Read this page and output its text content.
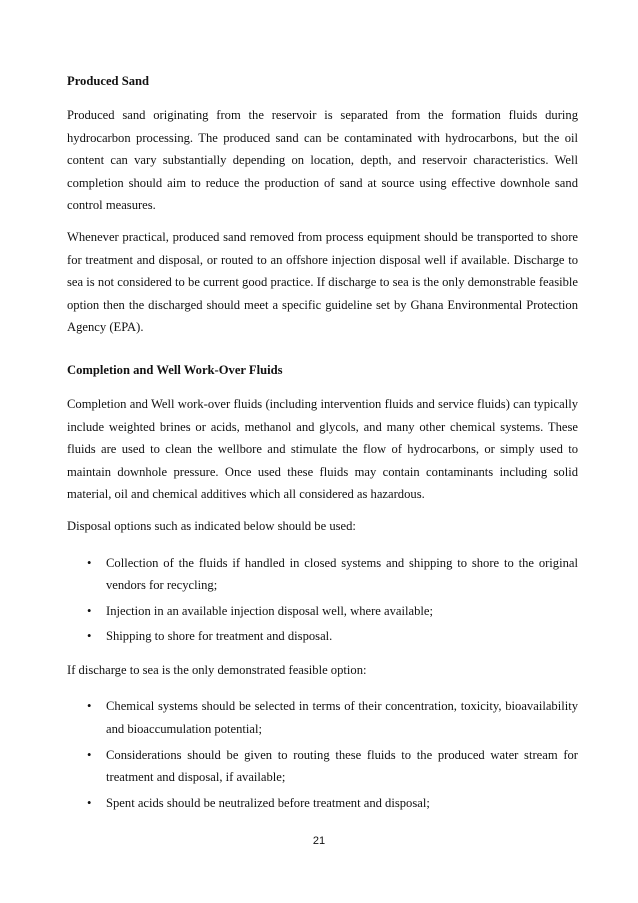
Produced Sand

Produced sand originating from the reservoir is separated from the formation fluids during hydrocarbon processing. The produced sand can be contaminated with hydrocarbons, but the oil content can vary substantially depending on location, depth, and reservoir characteristics. Well completion should aim to reduce the production of sand at source using effective downhole sand control measures.

Whenever practical, produced sand removed from process equipment should be transported to shore for treatment and disposal, or routed to an offshore injection disposal well if available. Discharge to sea is not considered to be current good practice. If discharge to sea is the only demonstrable feasible option then the discharged should meet a specific guideline set by Ghana Environmental Protection Agency (EPA).

Completion and Well Work-Over Fluids

Completion and Well work-over fluids (including intervention fluids and service fluids) can typically include weighted brines or acids, methanol and glycols, and many other chemical systems. These fluids are used to clean the wellbore and stimulate the flow of hydrocarbons, or simply used to maintain downhole pressure. Once used these fluids may contain contaminants including solid material, oil and chemical additives which all considered as hazardous.

Disposal options such as indicated below should be used:

• Collection of the fluids if handled in closed systems and shipping to shore to the original vendors for recycling;
• Injection in an available injection disposal well, where available;
• Shipping to shore for treatment and disposal.

If discharge to sea is the only demonstrated feasible option:

• Chemical systems should be selected in terms of their concentration, toxicity, bioavailability and bioaccumulation potential;
• Considerations should be given to routing these fluids to the produced water stream for treatment and disposal, if available;
• Spent acids should be neutralized before treatment and disposal;
21
